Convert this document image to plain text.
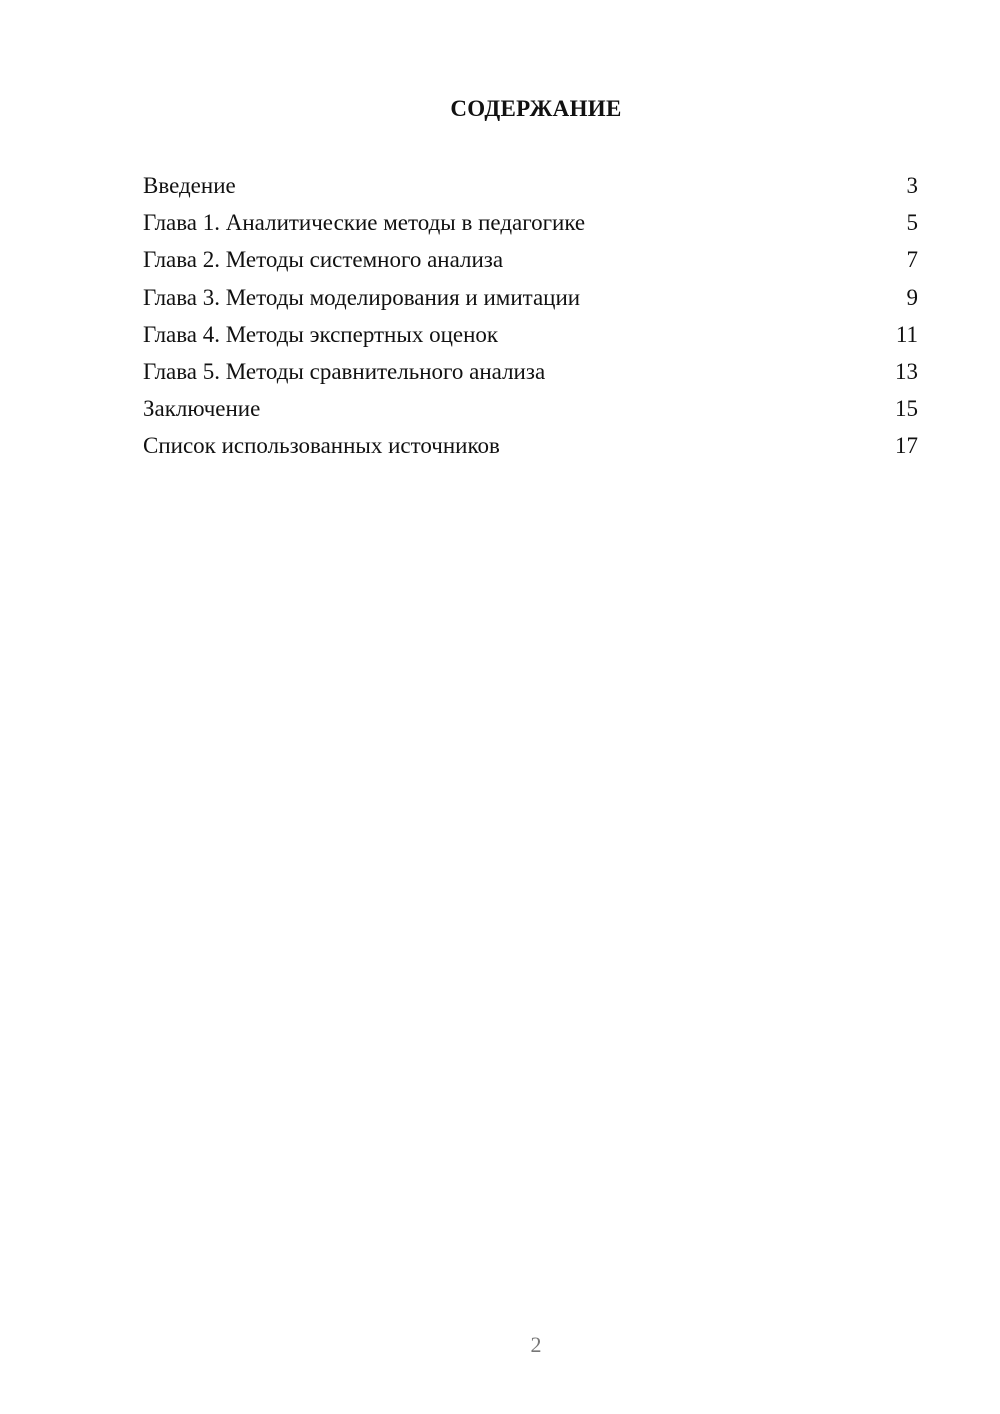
СОДЕРЖАНИЕ
Введение	3
Глава 1. Аналитические методы в педагогике	5
Глава 2. Методы системного анализа	7
Глава 3. Методы моделирования и имитации	9
Глава 4. Методы экспертных оценок	11
Глава 5. Методы сравнительного анализа	13
Заключение	15
Список использованных источников	17
2
